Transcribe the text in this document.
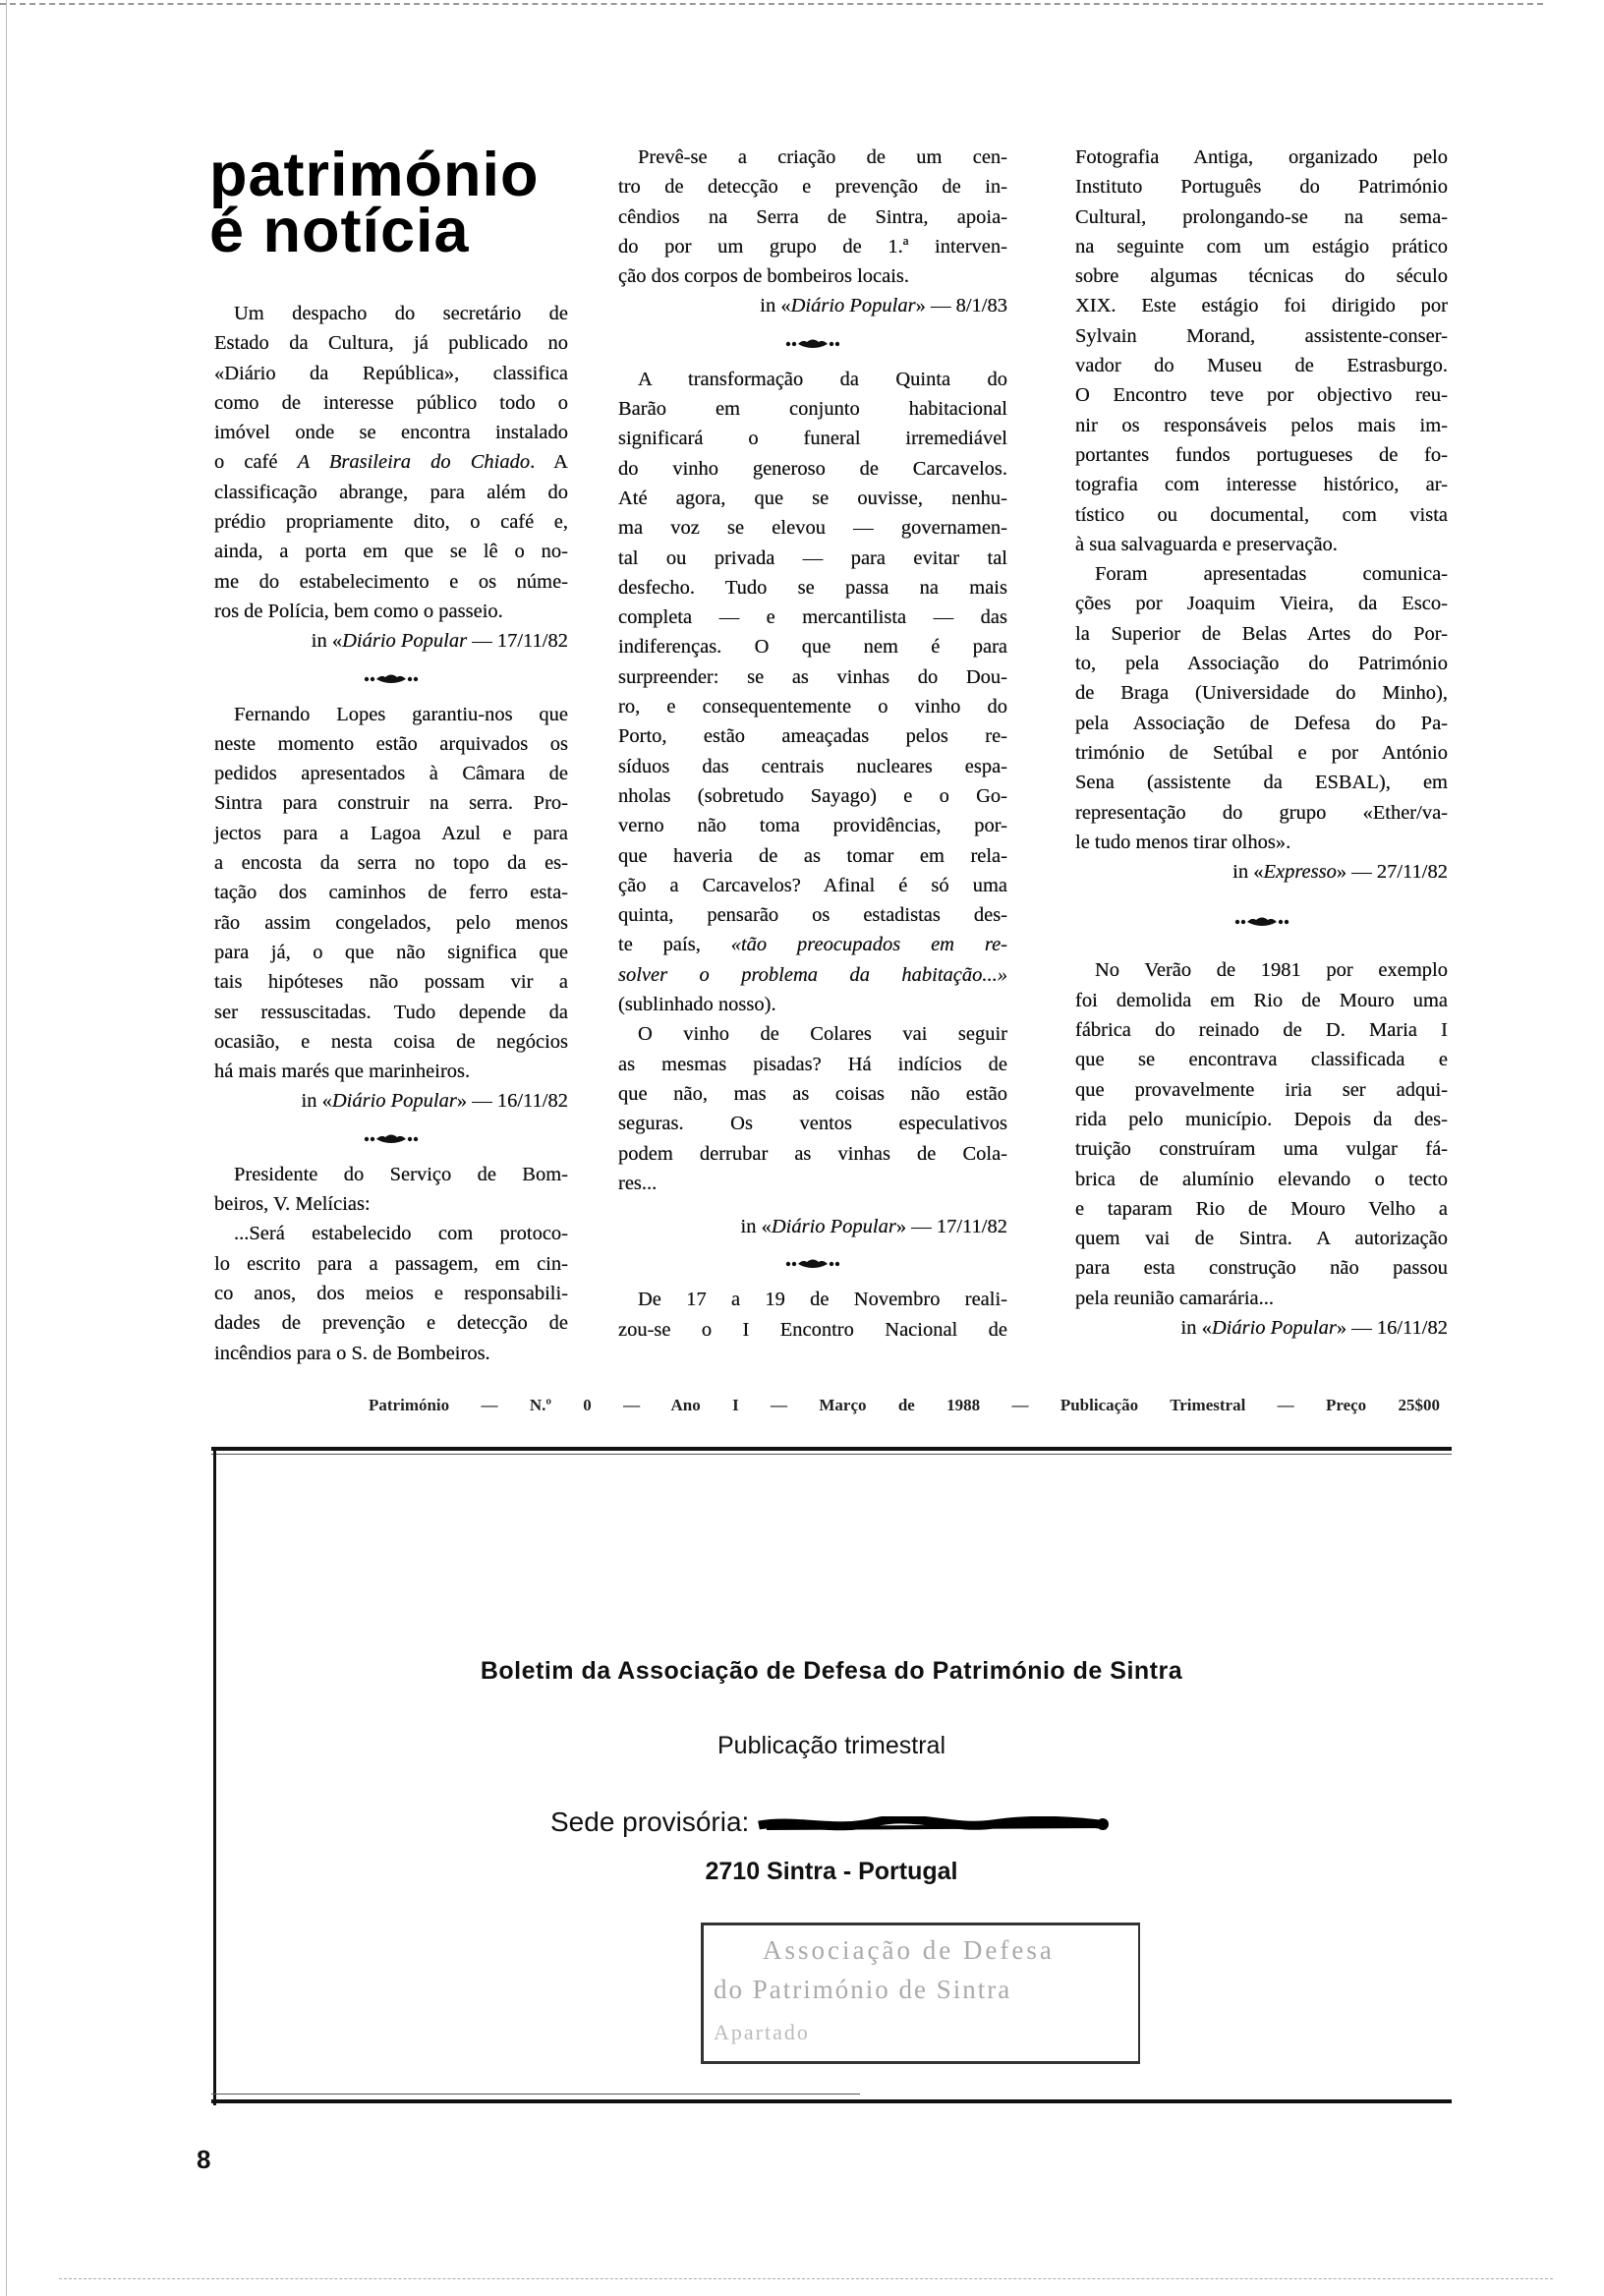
património
é notícia
Um despacho do secretário de
Estado da Cultura, já publicado no
«Diário da República», classifica
como de interesse público todo o
imóvel onde se encontra instalado
o café A Brasileira do Chiado. A
classificação abrange, para além do
prédio propriamente dito, o café e,
ainda, a porta em que se lê o no-
me do estabelecimento e os núme-
ros de Polícia, bem como o passeio.
in «Diário Popular — 17/11/82
Fernando Lopes garantiu-nos que
neste momento estão arquivados os
pedidos apresentados à Câmara de
Sintra para construir na serra. Pro-
jectos para a Lagoa Azul e para
a encosta da serra no topo da es-
tação dos caminhos de ferro esta-
rão assim congelados, pelo menos
para já, o que não significa que
tais hipóteses não possam vir a
ser ressuscitadas. Tudo depende da
ocasião, e nesta coisa de negócios
há mais marés que marinheiros.
in «Diário Popular» — 16/11/82
Presidente do Serviço de Bom-
beiros, V. Melícias:
...Será estabelecido com protoco-
lo escrito para a passagem, em cin-
co anos, dos meios e responsabili-
dades de prevenção e detecção de
incêndios para o S. de Bombeiros.
Prevê-se a criação de um cen-
tro de detecção e prevenção de in-
cêndios na Serra de Sintra, apoia-
do por um grupo de 1.ª interven-
ção dos corpos de bombeiros locais.
in «Diário Popular» — 8/1/83
A transformação da Quinta do
Barão em conjunto habitacional
significará o funeral irremediável
do vinho generoso de Carcavelos.
Até agora, que se ouvisse, nenhu-
ma voz se elevou — governamen-
tal ou privada — para evitar tal
desfecho. Tudo se passa na mais
completa — e mercantilista — das
indiferenças. O que nem é para
surpreender: se as vinhas do Dou-
ro, e consequentemente o vinho do
Porto, estão ameaçadas pelos re-
síduos das centrais nucleares espa-
nholas (sobretudo Sayago) e o Go-
verno não toma providências, por-
que haveria de as tomar em rela-
ção a Carcavelos? Afinal é só uma
quinta, pensarão os estadistas des-
te país, «tão preocupados em re-
solver o problema da habitação...»
(sublinhado nosso).
O vinho de Colares vai seguir
as mesmas pisadas? Há indícios de
que não, mas as coisas não estão
seguras. Os ventos especulativos
podem derrubar as vinhas de Cola-
res...
in «Diário Popular» — 17/11/82
De 17 a 19 de Novembro reali-
zou-se o I Encontro Nacional de
Fotografia Antiga, organizado pelo
Instituto Português do Património
Cultural, prolongando-se na sema-
na seguinte com um estágio prático
sobre algumas técnicas do século
XIX. Este estágio foi dirigido por
Sylvain Morand, assistente-conser-
vador do Museu de Estrasburgo.
O Encontro teve por objectivo reu-
nir os responsáveis pelos mais im-
portantes fundos portugueses de fo-
tografia com interesse histórico, ar-
tístico ou documental, com vista
à sua salvaguarda e preservação.
Foram apresentadas comunica-
ções por Joaquim Vieira, da Esco-
la Superior de Belas Artes do Por-
to, pela Associação do Património
de Braga (Universidade do Minho),
pela Associação de Defesa do Pa-
trimónio de Setúbal e por António
Sena (assistente da ESBAL), em
representação do grupo «Ether/va-
le tudo menos tirar olhos».
in «Expresso» — 27/11/82
No Verão de 1981 por exemplo
foi demolida em Rio de Mouro uma
fábrica do reinado de D. Maria I
que se encontrava classificada e
que provavelmente iria ser adqui-
rida pelo município. Depois da des-
truição construíram uma vulgar fá-
brica de alumínio elevando o tecto
e taparam Rio de Mouro Velho a
quem vai de Sintra. A autorização
para esta construção não passou
pela reunião camarária...
in «Diário Popular» — 16/11/82
Património — N.º 0 — Ano I — Março de 1988 — Publicação Trimestral — Preço 25$00
Boletim da Associação de Defesa do Património de Sintra
Publicação trimestral
Sede provisória:
2710 Sintra - Portugal
Associação de Defesa
do Património de Sintra
Apartado
8
